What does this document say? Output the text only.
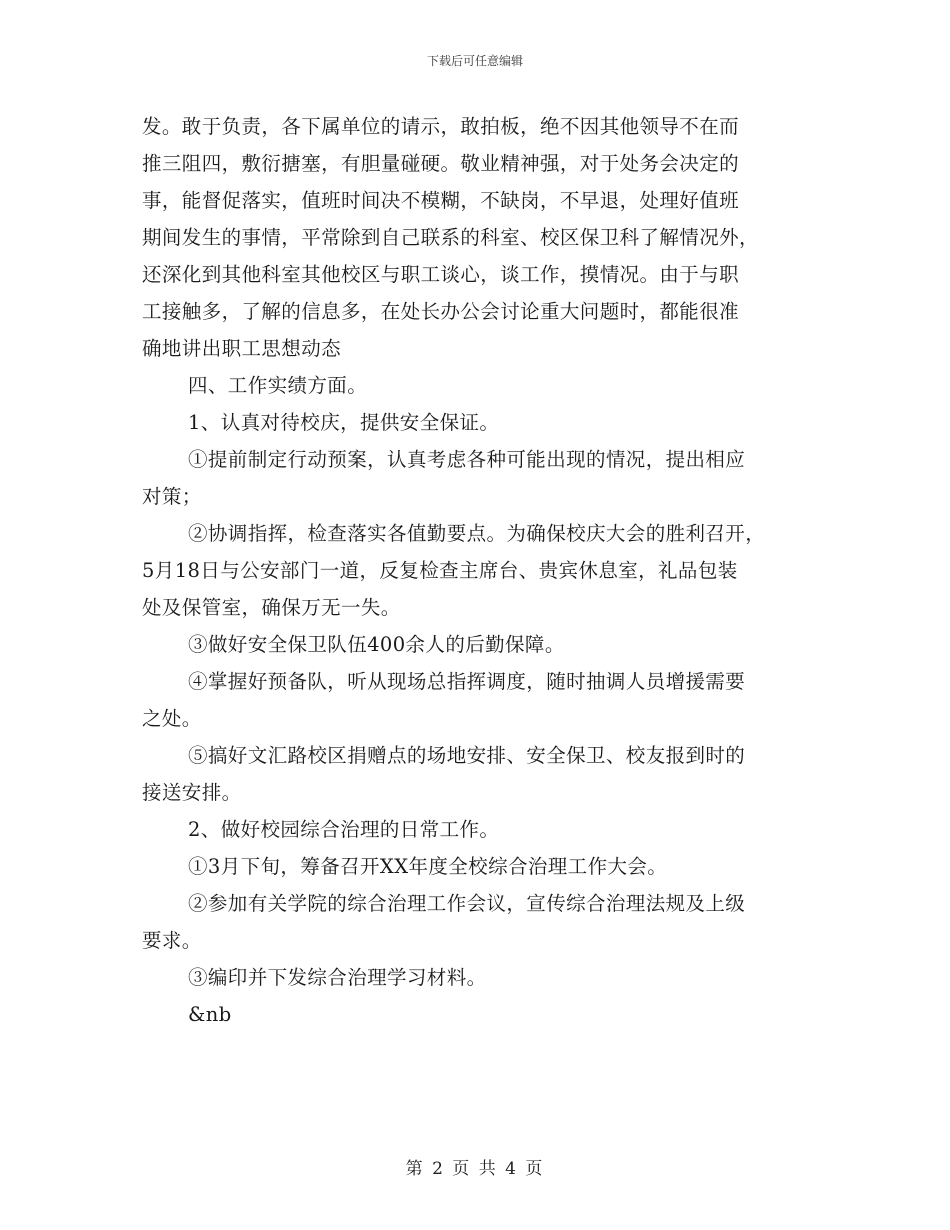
下载后可任意编辑
发。敢于负责，各下属单位的请示，敢拍板，绝不因其他领导不在而
推三阻四，敷衍搪塞，有胆量碰硬。敬业精神强，对于处务会决定的
事，能督促落实，值班时间决不模糊，不缺岗，不早退，处理好值班
期间发生的事情，平常除到自己联系的科室、校区保卫科了解情况外，
还深化到其他科室其他校区与职工谈心，谈工作，摸情况。由于与职
工接触多，了解的信息多，在处长办公会讨论重大问题时，都能很准
确地讲出职工思想动态
四、工作实绩方面。
1、认真对待校庆，提供安全保证。
①提前制定行动预案，认真考虑各种可能出现的情况，提出相应
对策；
②协调指挥，检查落实各值勤要点。为确保校庆大会的胜利召开，
5月18日与公安部门一道，反复检查主席台、贵宾休息室，礼品包装
处及保管室，确保万无一失。
③做好安全保卫队伍400余人的后勤保障。
④掌握好预备队，听从现场总指挥调度，随时抽调人员增援需要
之处。
⑤搞好文汇路校区捐赠点的场地安排、安全保卫、校友报到时的
接送安排。
2、做好校园综合治理的日常工作。
①3月下旬，筹备召开XX年度全校综合治理工作大会。
②参加有关学院的综合治理工作会议，宣传综合治理法规及上级
要求。
③编印并下发综合治理学习材料。
&nb
第 2 页 共 4 页
